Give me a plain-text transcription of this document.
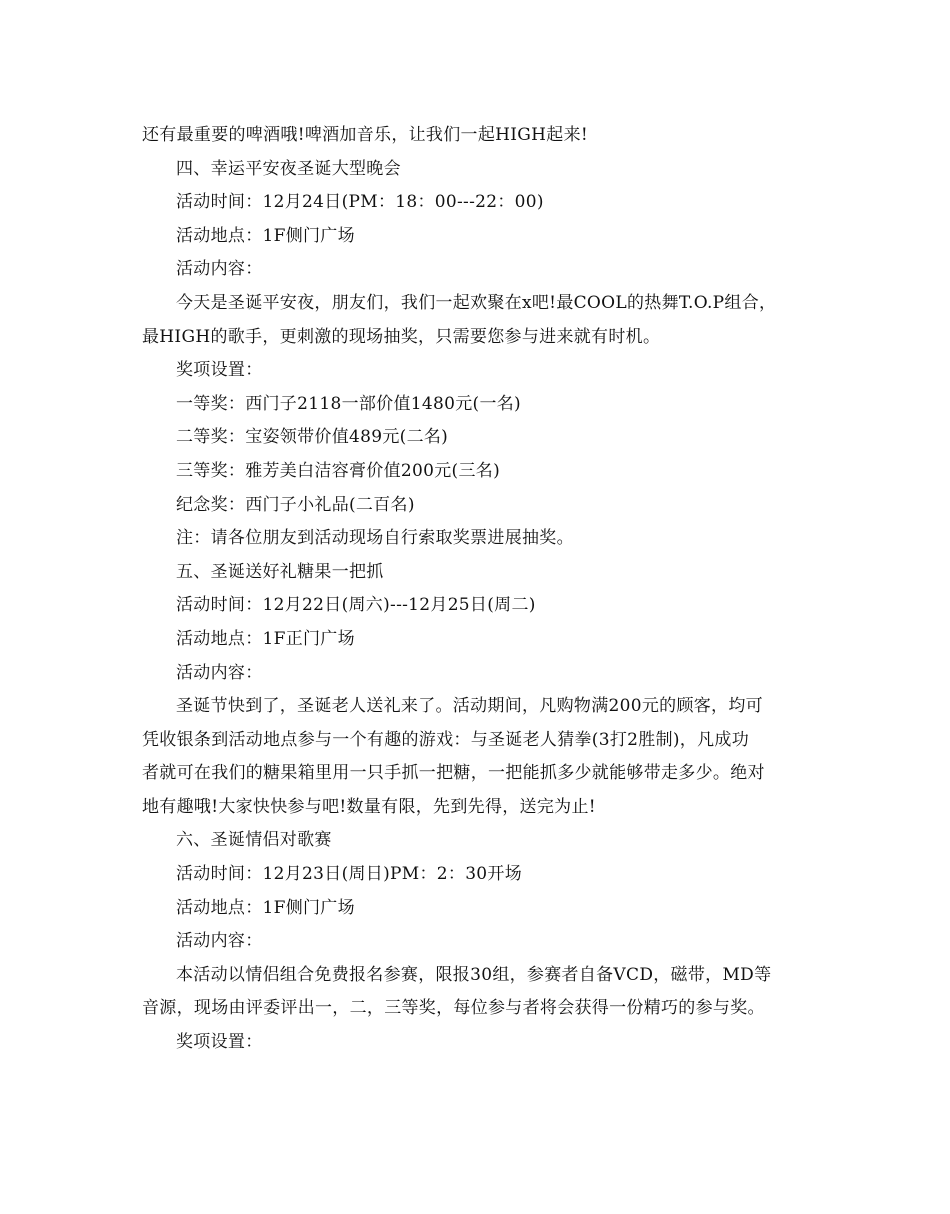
还有最重要的啤酒哦!啤酒加音乐，让我们一起HIGH起来!
四、幸运平安夜圣诞大型晚会
活动时间：12月24日(PM：18：00---22：00)
活动地点：1F侧门广场
活动内容：
今天是圣诞平安夜，朋友们，我们一起欢聚在x吧!最COOL的热舞T.O.P组合，
最HIGH的歌手，更刺激的现场抽奖，只需要您参与进来就有时机。
奖项设置：
一等奖：西门子2118一部价值1480元(一名)
二等奖：宝姿领带价值489元(二名)
三等奖：雅芳美白洁容膏价值200元(三名)
纪念奖：西门子小礼品(二百名)
注：请各位朋友到活动现场自行索取奖票进展抽奖。
五、圣诞送好礼糖果一把抓
活动时间：12月22日(周六)---12月25日(周二)
活动地点：1F正门广场
活动内容：
圣诞节快到了，圣诞老人送礼来了。活动期间，凡购物满200元的顾客，均可
凭收银条到活动地点参与一个有趣的游戏：与圣诞老人猜拳(3打2胜制)，凡成功
者就可在我们的糖果箱里用一只手抓一把糖，一把能抓多少就能够带走多少。绝对
地有趣哦!大家快快参与吧!数量有限，先到先得，送完为止!
六、圣诞情侣对歌赛
活动时间：12月23日(周日)PM：2：30开场
活动地点：1F侧门广场
活动内容：
本活动以情侣组合免费报名参赛，限报30组，参赛者自备VCD，磁带，MD等
音源，现场由评委评出一，二，三等奖，每位参与者将会获得一份精巧的参与奖。
奖项设置：
